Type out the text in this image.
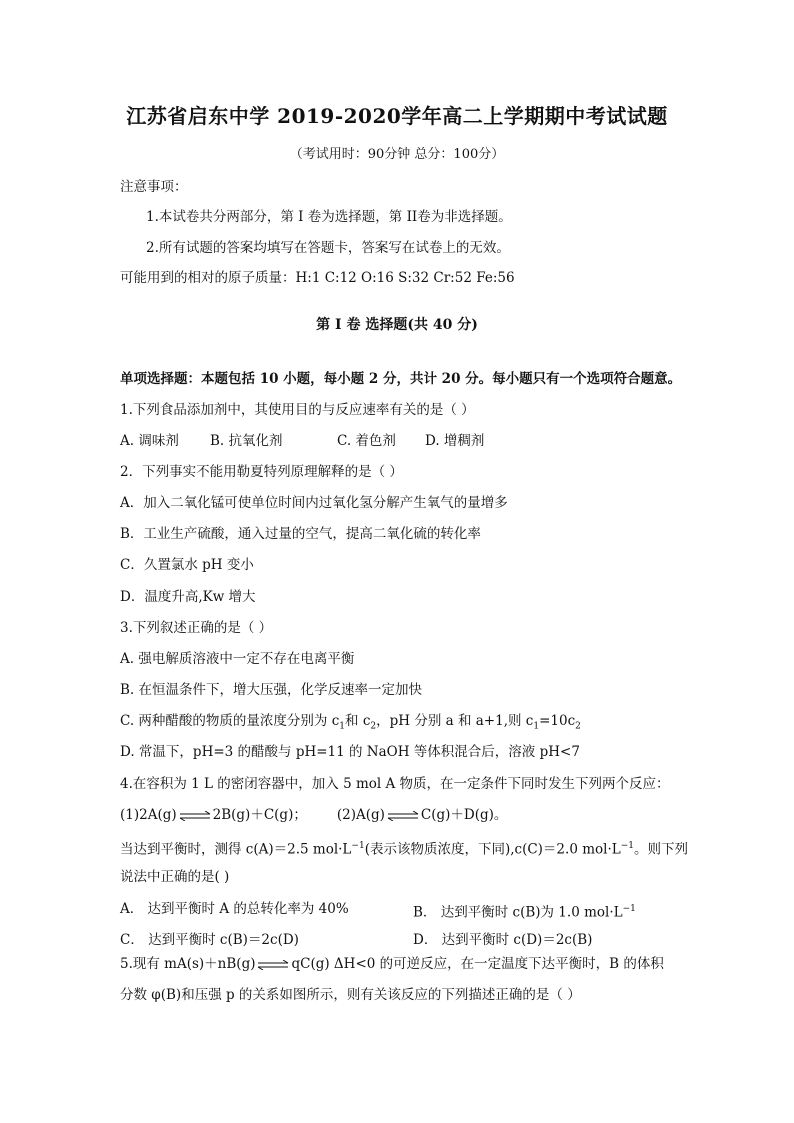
江苏省启东中学 2019-2020学年高二上学期期中考试试题
（考试用时：90分钟 总分：100分）
注意事项：
1.本试卷共分两部分，第 I 卷为选择题，第 II卷为非选择题。
2.所有试题的答案均填写在答题卡，答案写在试卷上的无效。
可能用到的相对的原子质量：H:1 C:12 O:16 S:32 Cr:52 Fe:56
第 I 卷 选择题(共 40 分)
单项选择题：本题包括 10 小题，每小题 2 分，共计 20 分。每小题只有一个选项符合题意。
1.下列食品添加剂中，其使用目的与反应速率有关的是（ ）
A. 调味剂 B. 抗氧化剂	C. 着色剂 D. 增稠剂
2．下列事实不能用勒夏特列原理解释的是（ ）
A．加入二氧化锰可使单位时间内过氧化氢分解产生氧气的量增多
B．工业生产硫酸，通入过量的空气，提高二氧化硫的转化率
C．久置氯水 pH 变小
D．温度升高,Kw 增大
3.下列叙述正确的是（ ）
A. 强电解质溶液中一定不存在电离平衡
B. 在恒温条件下，增大压强，化学反速率一定加快
C. 两种醋酸的物质的量浓度分别为 $c_1$和 $c_2$，pH 分别 a 和 a+1,则 $c_1=10c_2$
D. 常温下，pH=3 的醋酸与 pH=11 的 NaOH 等体积混合后，溶液 pH<7
4.在容积为 1 L 的密闭容器中，加入 5 mol A 物质，在一定条件下同时发生下列两个反应：
(1)2A(g) ⇌ 2B(g)＋C(g)； (2)A(g) ⇌ C(g)＋D(g)。
当达到平衡时，测得 c(A)＝2.5 $mol\cdot L^{-1}$(表示该物质浓度，下同),c(C)＝2.0 $mol\cdot L^{-1}$。则下列
说法中正确的是( )
A． 达到平衡时 A 的总转化率为 40%	B． 达到平衡时 c(B)为 1.0 $mol\cdot L^{-1}$
C． 达到平衡时 c(B)＝2c(D)	D． 达到平衡时 c(D)＝2c(B)
5.现有 mA(s)＋nB(g) ⇌ qC(g) ΔH<0 的可逆反应，在一定温度下达平衡时，B 的体积
分数 φ(B)和压强 p 的关系如图所示，则有关该反应的下列描述正确的是（ ）
